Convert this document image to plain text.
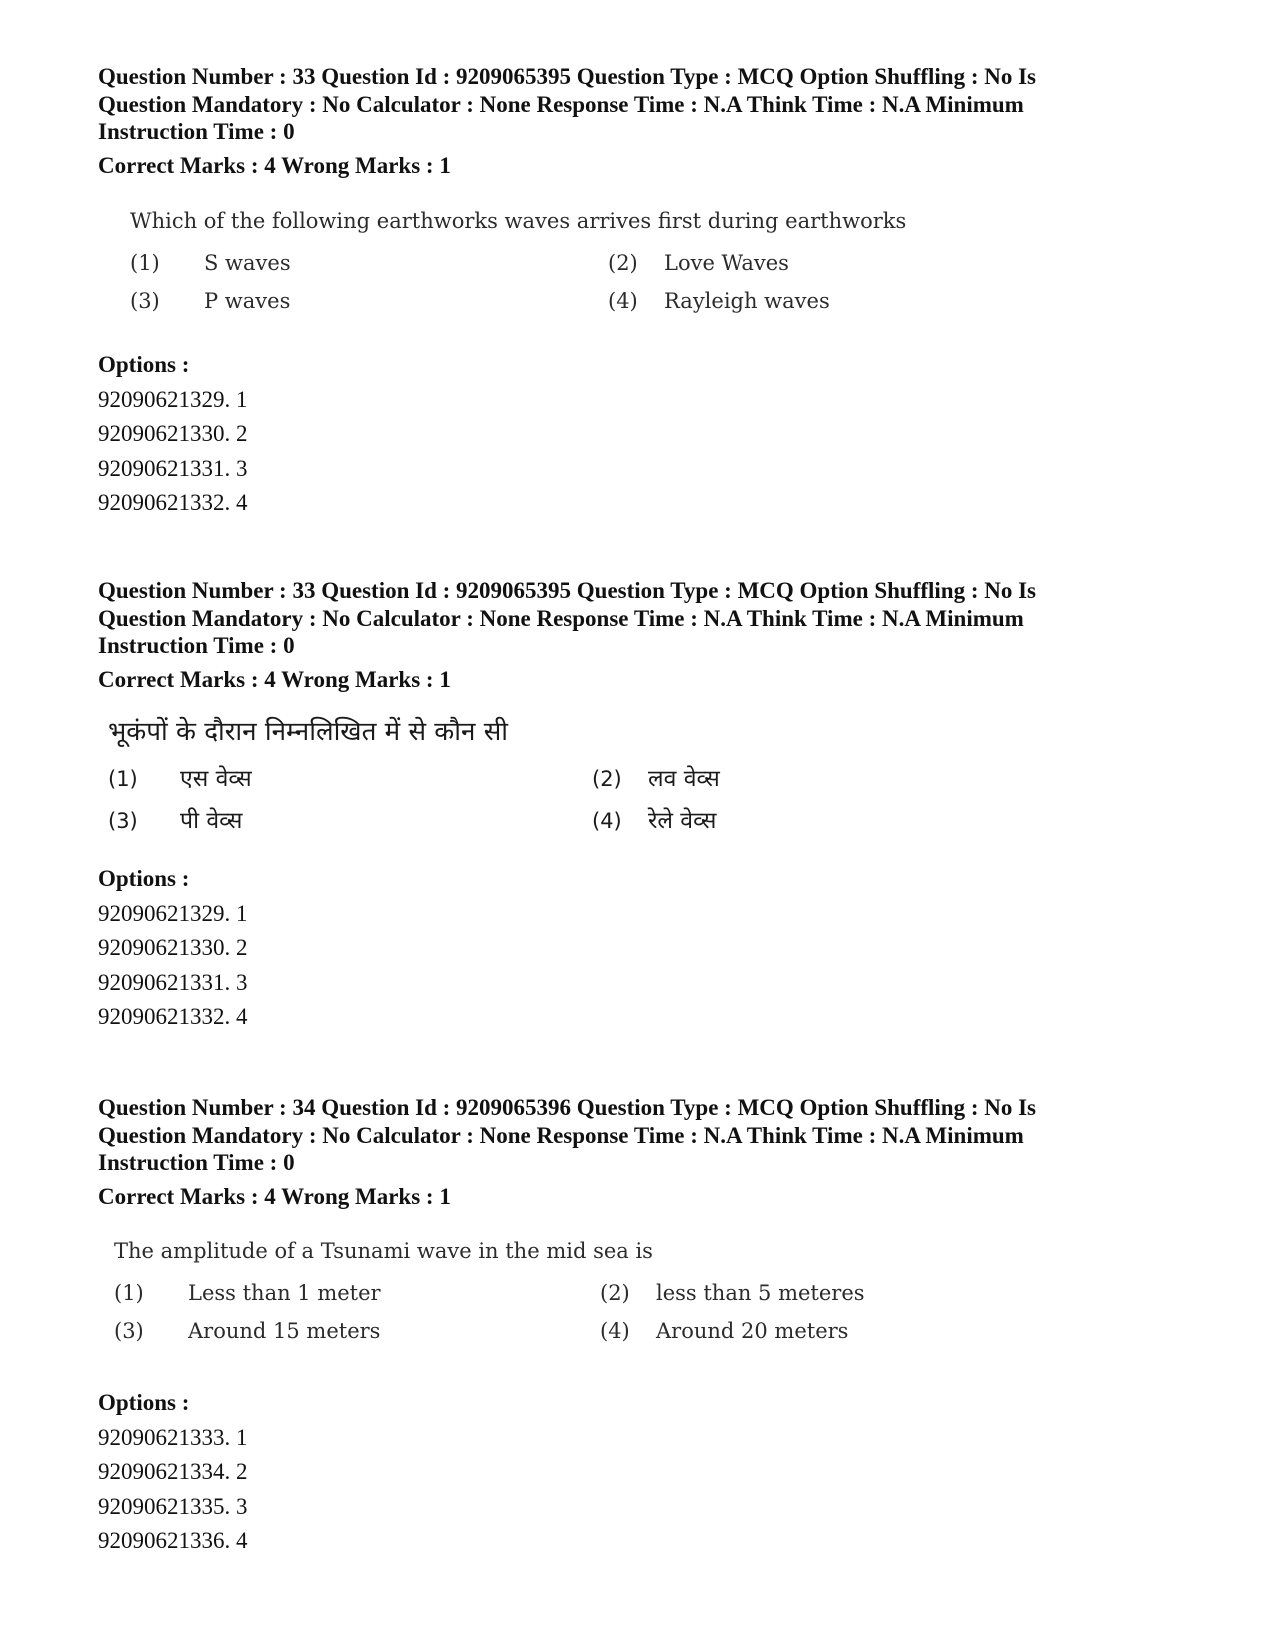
Question Number : 33 Question Id : 9209065395 Question Type : MCQ Option Shuffling : No Is
Question Mandatory : No Calculator : None Response Time : N.A Think Time : N.A Minimum
Instruction Time : 0

Correct Marks : 4 Wrong Marks : 1

Which of the following earthworks waves arrives first during earthworks

(1) S waves	(2) Love Waves
(3) P waves	(4) Rayleigh waves

Options :

92090621329. 1
92090621330. 2
92090621331. 3
92090621332. 4

Question Number : 33 Question Id : 9209065395 Question Type : MCQ Option Shuffling : No Is
Question Mandatory : No Calculator : None Response Time : N.A Think Time : N.A Minimum
Instruction Time : 0

Correct Marks : 4 Wrong Marks : 1

भूकंपों के दौरान निम्नलिखित में से कौन सी

(1) एस वेव्स	(2) लव वेव्स
(3) पी वेव्स	(4) रेले वेव्स

Options :

92090621329. 1
92090621330. 2
92090621331. 3
92090621332. 4

Question Number : 34 Question Id : 9209065396 Question Type : MCQ Option Shuffling : No Is
Question Mandatory : No Calculator : None Response Time : N.A Think Time : N.A Minimum
Instruction Time : 0

Correct Marks : 4 Wrong Marks : 1

The amplitude of a Tsunami wave in the mid sea is

(1) Less than 1 meter	(2) less than 5 meteres
(3) Around 15 meters	(4) Around 20 meters

Options :

92090621333. 1
92090621334. 2
92090621335. 3
92090621336. 4
